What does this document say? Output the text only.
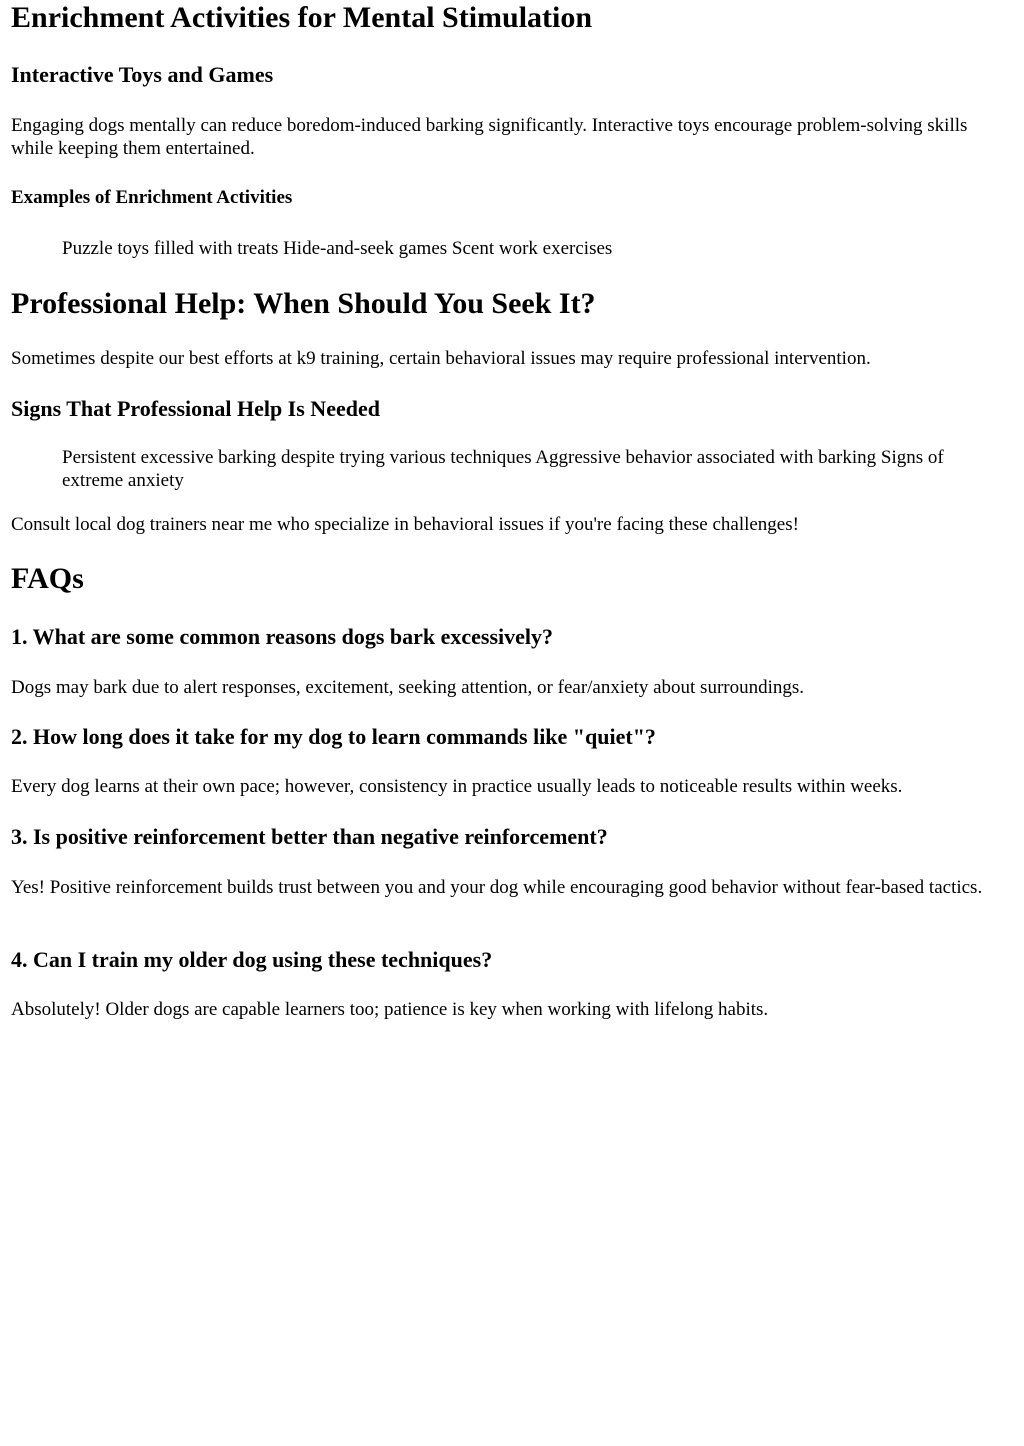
Enrichment Activities for Mental Stimulation
Interactive Toys and Games

Engaging dogs mentally can reduce boredom-induced barking significantly. Interactive toys encourage problem-solving skills while keeping them entertained.

Examples of Enrichment Activities

Puzzle toys filled with treats Hide-and-seek games Scent work exercises

Professional Help: When Should You Seek It?

Sometimes despite our best efforts at k9 training, certain behavioral issues may require professional intervention.

Signs That Professional Help Is Needed

Persistent excessive barking despite trying various techniques Aggressive behavior associated with barking Signs of extreme anxiety

Consult local dog trainers near me who specialize in behavioral issues if you're facing these challenges!

FAQs
1. What are some common reasons dogs bark excessively?

Dogs may bark due to alert responses, excitement, seeking attention, or fear/anxiety about surroundings.

2. How long does it take for my dog to learn commands like "quiet"?

Every dog learns at their own pace; however, consistency in practice usually leads to noticeable results within weeks.

3. Is positive reinforcement better than negative reinforcement?

Yes! Positive reinforcement builds trust between you and your dog while encouraging good behavior without fear-based tactics.

4. Can I train my older dog using these techniques?

Absolutely! Older dogs are capable learners too; patience is key when working with lifelong habits.
